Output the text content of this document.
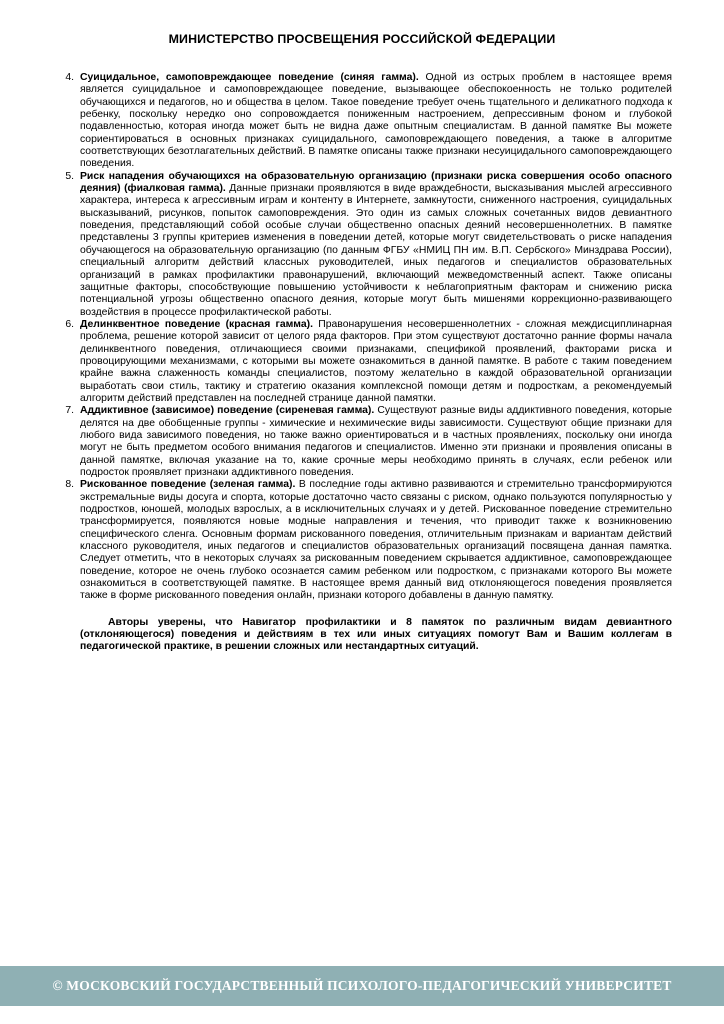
МИНИСТЕРСТВО ПРОСВЕЩЕНИЯ РОССИЙСКОЙ ФЕДЕРАЦИИ
4. Суицидальное, самоповреждающее поведение (синяя гамма). Одной из острых проблем в настоящее время является суицидальное и самоповреждающее поведение, вызывающее обеспокоенность не только родителей обучающихся и педагогов, но и общества в целом. Такое поведение требует очень тщательного и деликатного подхода к ребенку, поскольку нередко оно сопровождается пониженным настроением, депрессивным фоном и глубокой подавленностью, которая иногда может быть не видна даже опытным специалистам. В данной памятке Вы можете сориентироваться в основных признаках суицидального, самоповреждающего поведения, а также в алгоритме соответствующих безотлагательных действий. В памятке описаны также признаки несуицидального самоповреждающего поведения.
5. Риск нападения обучающихся на образовательную организацию (признаки риска совершения особо опасного деяния) (фиалковая гамма). Данные признаки проявляются в виде враждебности, высказывания мыслей агрессивного характера, интереса к агрессивным играм и контенту в Интернете, замкнутости, сниженного настроения, суицидальных высказываний, рисунков, попыток самоповреждения. Это один из самых сложных сочетанных видов девиантного поведения, представляющий собой особые случаи общественно опасных деяний несовершеннолетних. В памятке представлены 3 группы критериев изменения в поведении детей, которые могут свидетельствовать о риске нападения обучающегося на образовательную организацию (по данным ФГБУ «НМИЦ ПН им. В.П. Сербского» Минздрава России), специальный алгоритм действий классных руководителей, иных педагогов и специалистов образовательных организаций в рамках профилактики правонарушений, включающий межведомственный аспект. Также описаны защитные факторы, способствующие повышению устойчивости к неблагоприятным факторам и снижению риска потенциальной угрозы общественно опасного деяния, которые могут быть мишенями коррекционно-развивающего воздействия в процессе профилактической работы.
6. Делинквентное поведение (красная гамма). Правонарушения несовершеннолетних - сложная междисциплинарная проблема, решение которой зависит от целого ряда факторов. При этом существуют достаточно ранние формы начала делинквентного поведения, отличающиеся своими признаками, спецификой проявлений, факторами риска и провоцирующими механизмами, с которыми вы можете ознакомиться в данной памятке. В работе с таким поведением крайне важна слаженность команды специалистов, поэтому желательно в каждой образовательной организации выработать свои стиль, тактику и стратегию оказания комплексной помощи детям и подросткам, а рекомендуемый алгоритм действий представлен на последней странице данной памятки.
7. Аддиктивное (зависимое) поведение (сиреневая гамма). Существуют разные виды аддиктивного поведения, которые делятся на две обобщенные группы - химические и нехимические виды зависимости. Существуют общие признаки для любого вида зависимого поведения, но также важно ориентироваться и в частных проявлениях, поскольку они иногда могут не быть предметом особого внимания педагогов и специалистов. Именно эти признаки и проявления описаны в данной памятке, включая указание на то, какие срочные меры необходимо принять в случаях, если ребенок или подросток проявляет признаки аддиктивного поведения.
8. Рискованное поведение (зеленая гамма). В последние годы активно развиваются и стремительно трансформируются экстремальные виды досуга и спорта, которые достаточно часто связаны с риском, однако пользуются популярностью у подростков, юношей, молодых взрослых, а в исключительных случаях и у детей. Рискованное поведение стремительно трансформируется, появляются новые модные направления и течения, что приводит также к возникновению специфического сленга. Основным формам рискованного поведения, отличительным признакам и вариантам действий классного руководителя, иных педагогов и специалистов образовательных организаций посвящена данная памятка. Следует отметить, что в некоторых случаях за рискованным поведением скрывается аддиктивное, самоповреждающее поведение, которое не очень глубоко осознается самим ребенком или подростком, с признаками которого Вы можете ознакомиться в соответствующей памятке. В настоящее время данный вид отклоняющегося поведения проявляется также в форме рискованного поведения онлайн, признаки которого добавлены в данную памятку.
Авторы уверены, что Навигатор профилактики и 8 памяток по различным видам девиантного (отклоняющегося) поведения и действиям в тех или иных ситуациях помогут Вам и Вашим коллегам в педагогической практике, в решении сложных или нестандартных ситуаций.
© МОСКОВСКИЙ ГОСУДАРСТВЕННЫЙ ПСИХОЛОГО-ПЕДАГОГИЧЕСКИЙ УНИВЕРСИТЕТ
